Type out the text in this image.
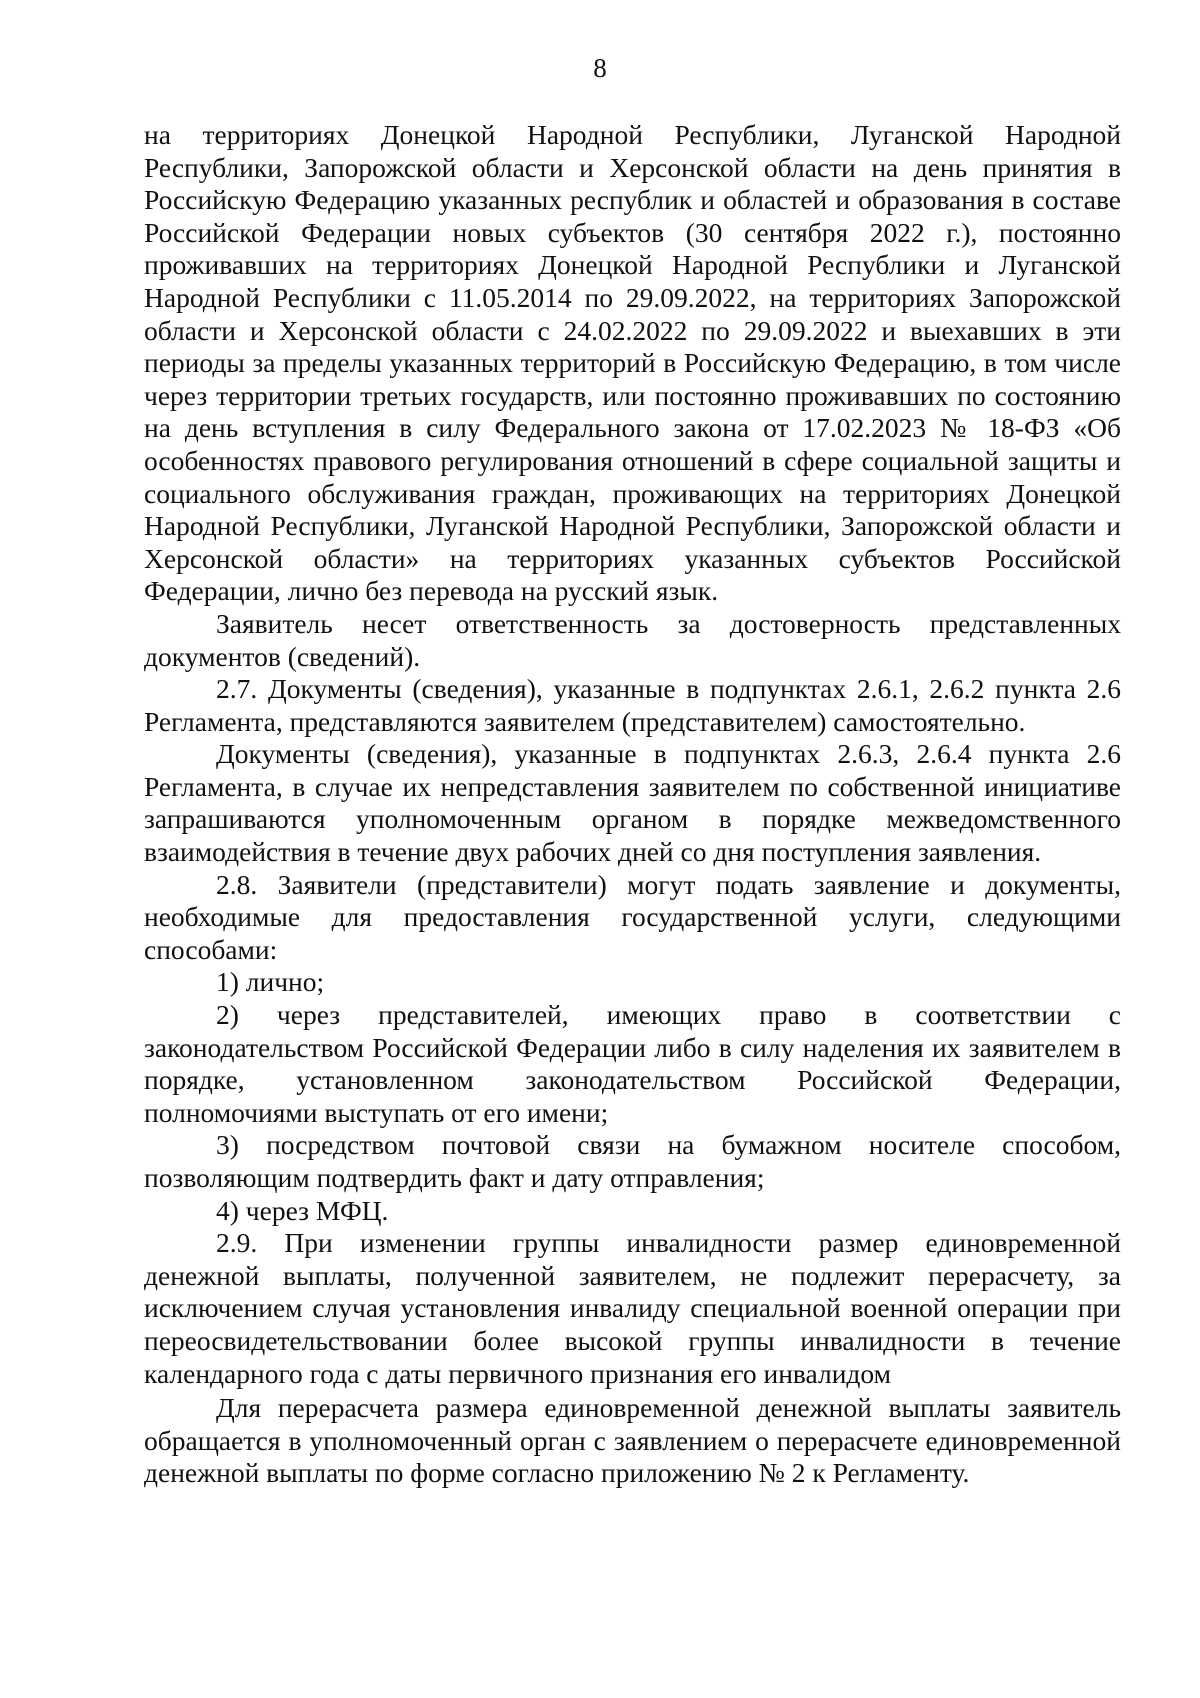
8

на территориях Донецкой Народной Республики, Луганской Народной Республики, Запорожской области и Херсонской области на день принятия в Российскую Федерацию указанных республик и областей и образования в составе Российской Федерации новых субъектов (30 сентября 2022 г.), постоянно проживавших на территориях Донецкой Народной Республики и Луганской Народной Республики с 11.05.2014 по 29.09.2022, на территориях Запорожской области и Херсонской области с 24.02.2022 по 29.09.2022 и выехавших в эти периоды за пределы указанных территорий в Российскую Федерацию, в том числе через территории третьих государств, или постоянно проживавших по состоянию на день вступления в силу Федерального закона от 17.02.2023 № 18-ФЗ «Об особенностях правового регулирования отношений в сфере социальной защиты и социального обслуживания граждан, проживающих на территориях Донецкой Народной Республики, Луганской Народной Республики, Запорожской области и Херсонской области» на территориях указанных субъектов Российской Федерации, лично без перевода на русский язык.

Заявитель несет ответственность за достоверность представленных документов (сведений).

2.7. Документы (сведения), указанные в подпунктах 2.6.1, 2.6.2 пункта 2.6 Регламента, представляются заявителем (представителем) самостоятельно.

Документы (сведения), указанные в подпунктах 2.6.3, 2.6.4 пункта 2.6 Регламента, в случае их непредставления заявителем по собственной инициативе запрашиваются уполномоченным органом в порядке межведомственного взаимодействия в течение двух рабочих дней со дня поступления заявления.

2.8. Заявители (представители) могут подать заявление и документы, необходимые для предоставления государственной услуги, следующими способами:

1) лично;

2) через представителей, имеющих право в соответствии с законодательством Российской Федерации либо в силу наделения их заявителем в порядке, установленном законодательством Российской Федерации, полномочиями выступать от его имени;

3) посредством почтовой связи на бумажном носителе способом, позволяющим подтвердить факт и дату отправления;

4) через МФЦ.

2.9. При изменении группы инвалидности размер единовременной денежной выплаты, полученной заявителем, не подлежит перерасчету, за исключением случая установления инвалиду специальной военной операции при переосвидетельствовании более высокой группы инвалидности в течение календарного года с даты первичного признания его инвалидом

Для перерасчета размера единовременной денежной выплаты заявитель обращается в уполномоченный орган с заявлением о перерасчете единовременной денежной выплаты по форме согласно приложению № 2 к Регламенту.
